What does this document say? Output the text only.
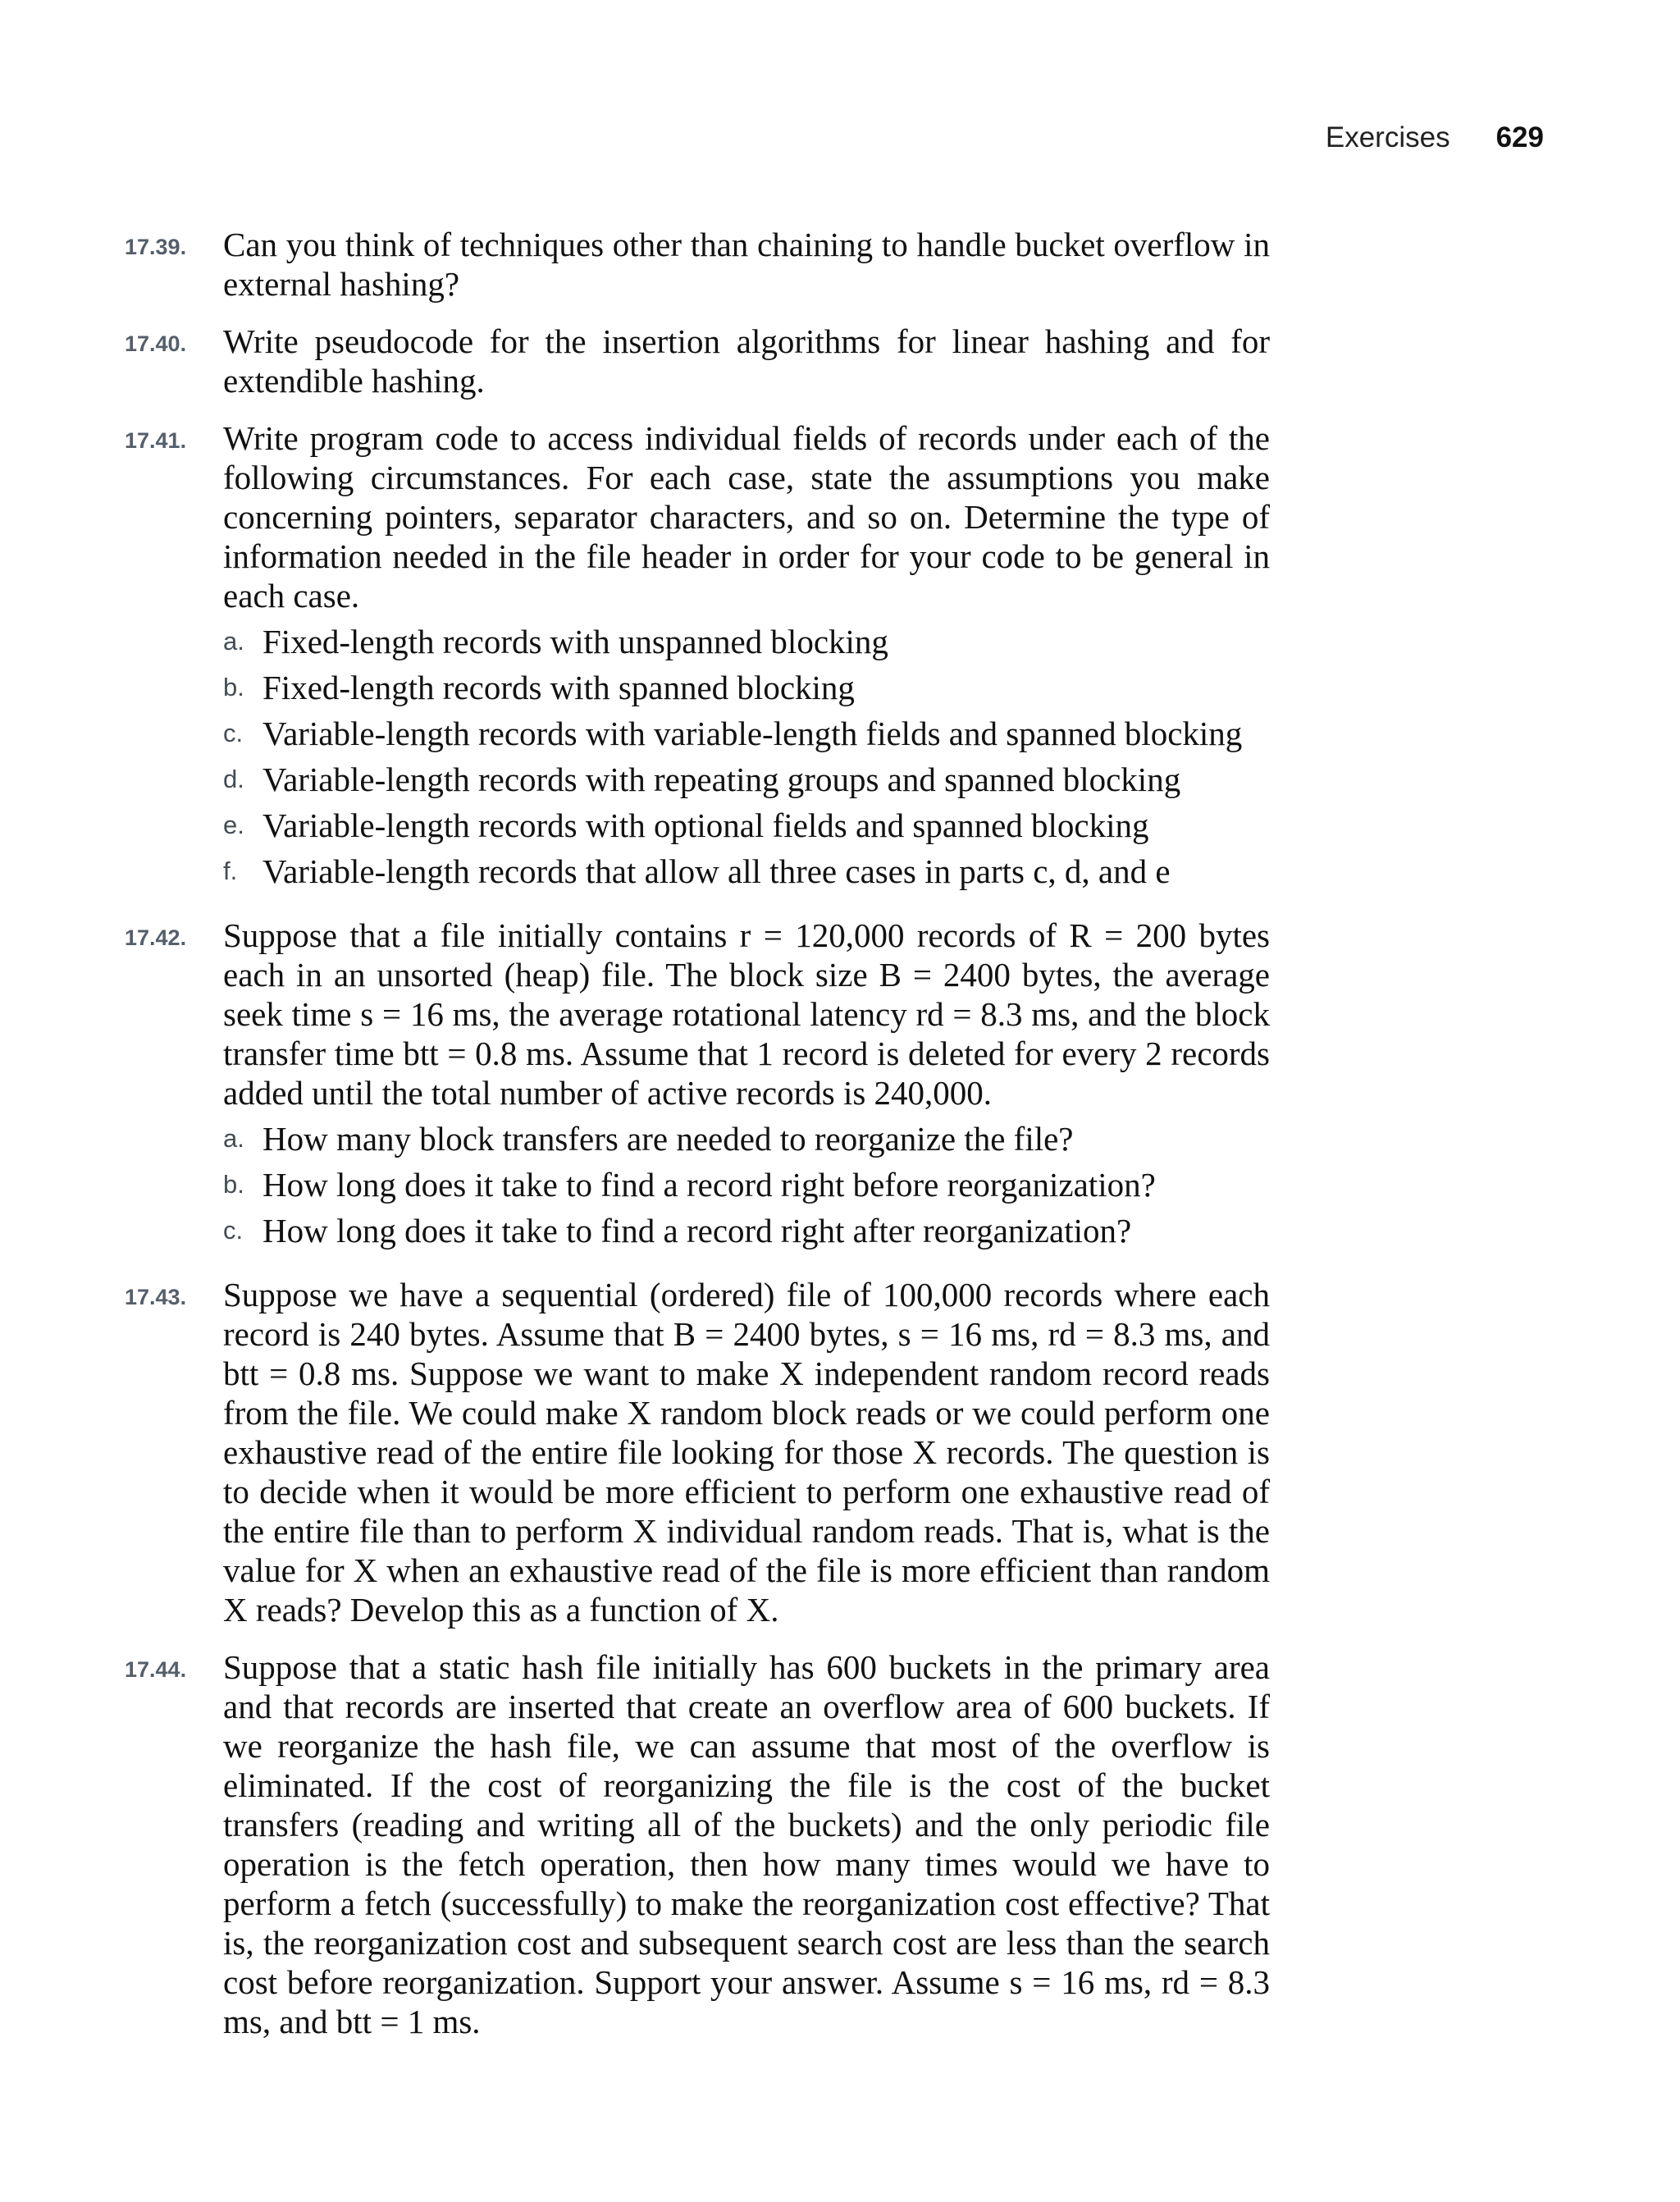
Exercises 629
17.39.	Can you think of techniques other than chaining to handle bucket overflow in external hashing?

17.40.	Write pseudocode for the insertion algorithms for linear hashing and for extendible hashing.

17.41.	Write program code to access individual fields of records under each of the following circumstances. For each case, state the assumptions you make concerning pointers, separator characters, and so on. Determine the type of information needed in the file header in order for your code to be general in each case.

a. Fixed-length records with unspanned blocking
b. Fixed-length records with spanned blocking
c. Variable-length records with variable-length fields and spanned blocking
d. Variable-length records with repeating groups and spanned blocking
e. Variable-length records with optional fields and spanned blocking
f. Variable-length records that allow all three cases in parts c, d, and e
17.42.	Suppose that a file initially contains r = 120,000 records of R = 200 bytes each in an unsorted (heap) file. The block size B = 2400 bytes, the average seek time s = 16 ms, the average rotational latency rd = 8.3 ms, and the block transfer time btt = 0.8 ms. Assume that 1 record is deleted for every 2 records added until the total number of active records is 240,000.

a. How many block transfers are needed to reorganize the file?
b. How long does it take to find a record right before reorganization?
c. How long does it take to find a record right after reorganization?
17.43.	Suppose we have a sequential (ordered) file of 100,000 records where each record is 240 bytes. Assume that B = 2400 bytes, s = 16 ms, rd = 8.3 ms, and btt = 0.8 ms. Suppose we want to make X independent random record reads from the file. We could make X random block reads or we could perform one exhaustive read of the entire file looking for those X records. The question is to decide when it would be more efficient to perform one exhaustive read of the entire file than to perform X individual random reads. That is, what is the value for X when an exhaustive read of the file is more efficient than random X reads? Develop this as a function of X.

17.44.	Suppose that a static hash file initially has 600 buckets in the primary area and that records are inserted that create an overflow area of 600 buckets. If we reorganize the hash file, we can assume that most of the overflow is eliminated. If the cost of reorganizing the file is the cost of the bucket transfers (reading and writing all of the buckets) and the only periodic file operation is the fetch operation, then how many times would we have to perform a fetch (successfully) to make the reorganization cost effective? That is, the reorganization cost and subsequent search cost are less than the search cost before reorganization. Support your answer. Assume s = 16 ms, rd = 8.3 ms, and btt = 1 ms.
